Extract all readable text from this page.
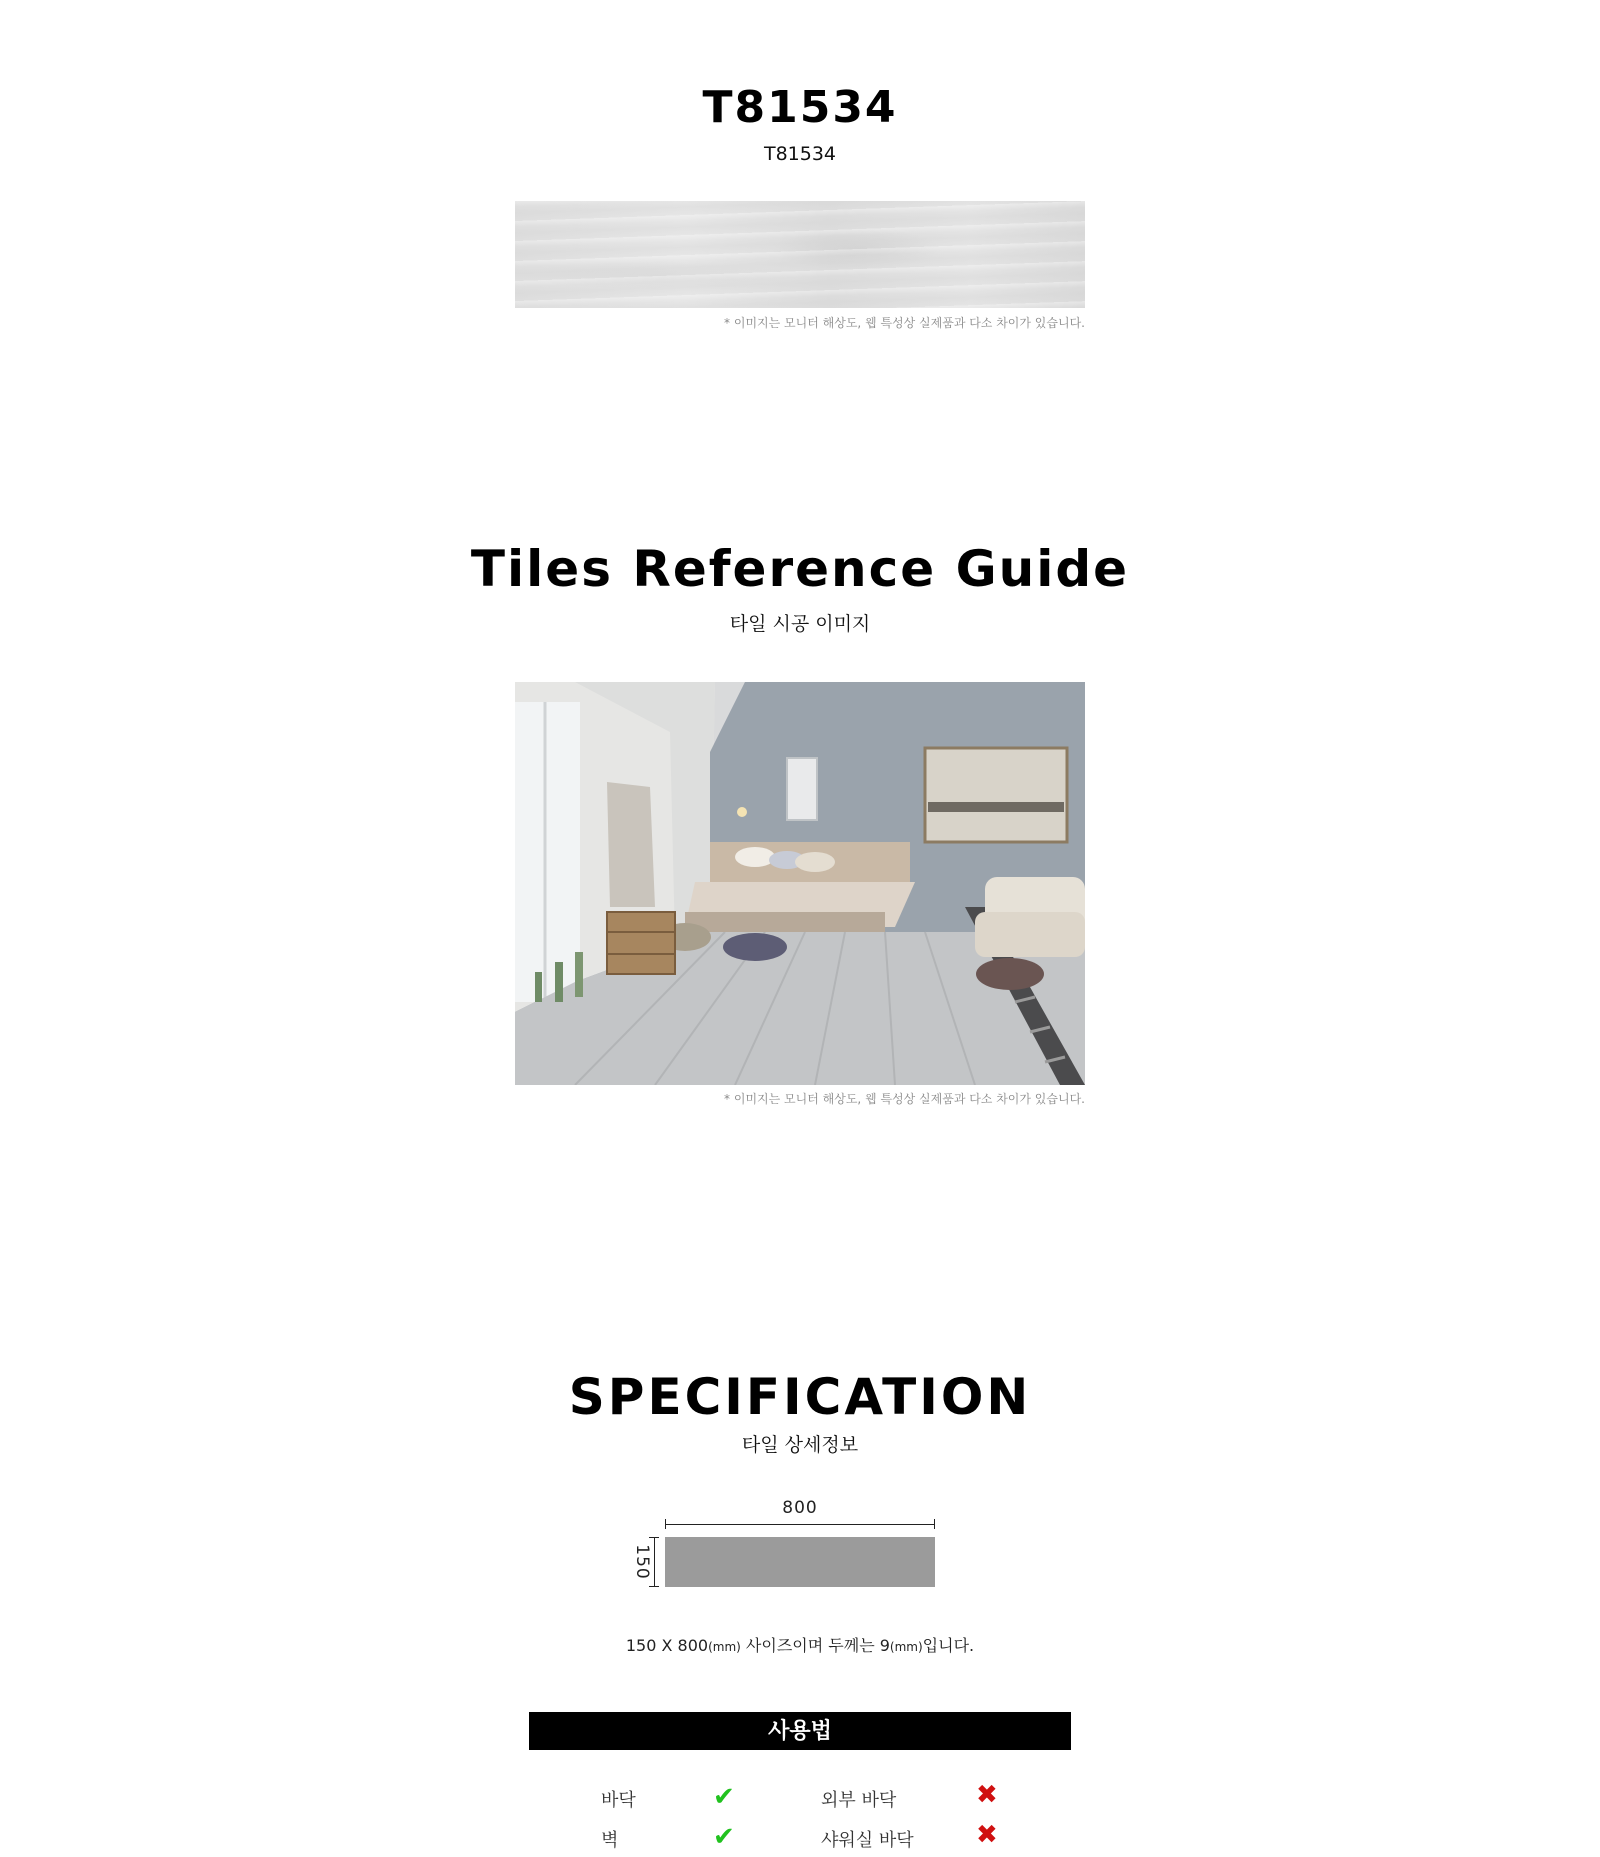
T81534
T81534
* 이미지는 모니터 해상도, 웹 특성상 실제품과 다소 차이가 있습니다.
Tiles Reference Guide
타일 시공 이미지
* 이미지는 모니터 해상도, 웹 특성상 실제품과 다소 차이가 있습니다.
SPECIFICATION
타일 상세정보
800
150
150 X 800(mm) 사이즈이며 두께는 9(mm)입니다.
사용법
바닥	✔	외부 바닥	✖
벽	✔	샤워실 바닥 ✖
